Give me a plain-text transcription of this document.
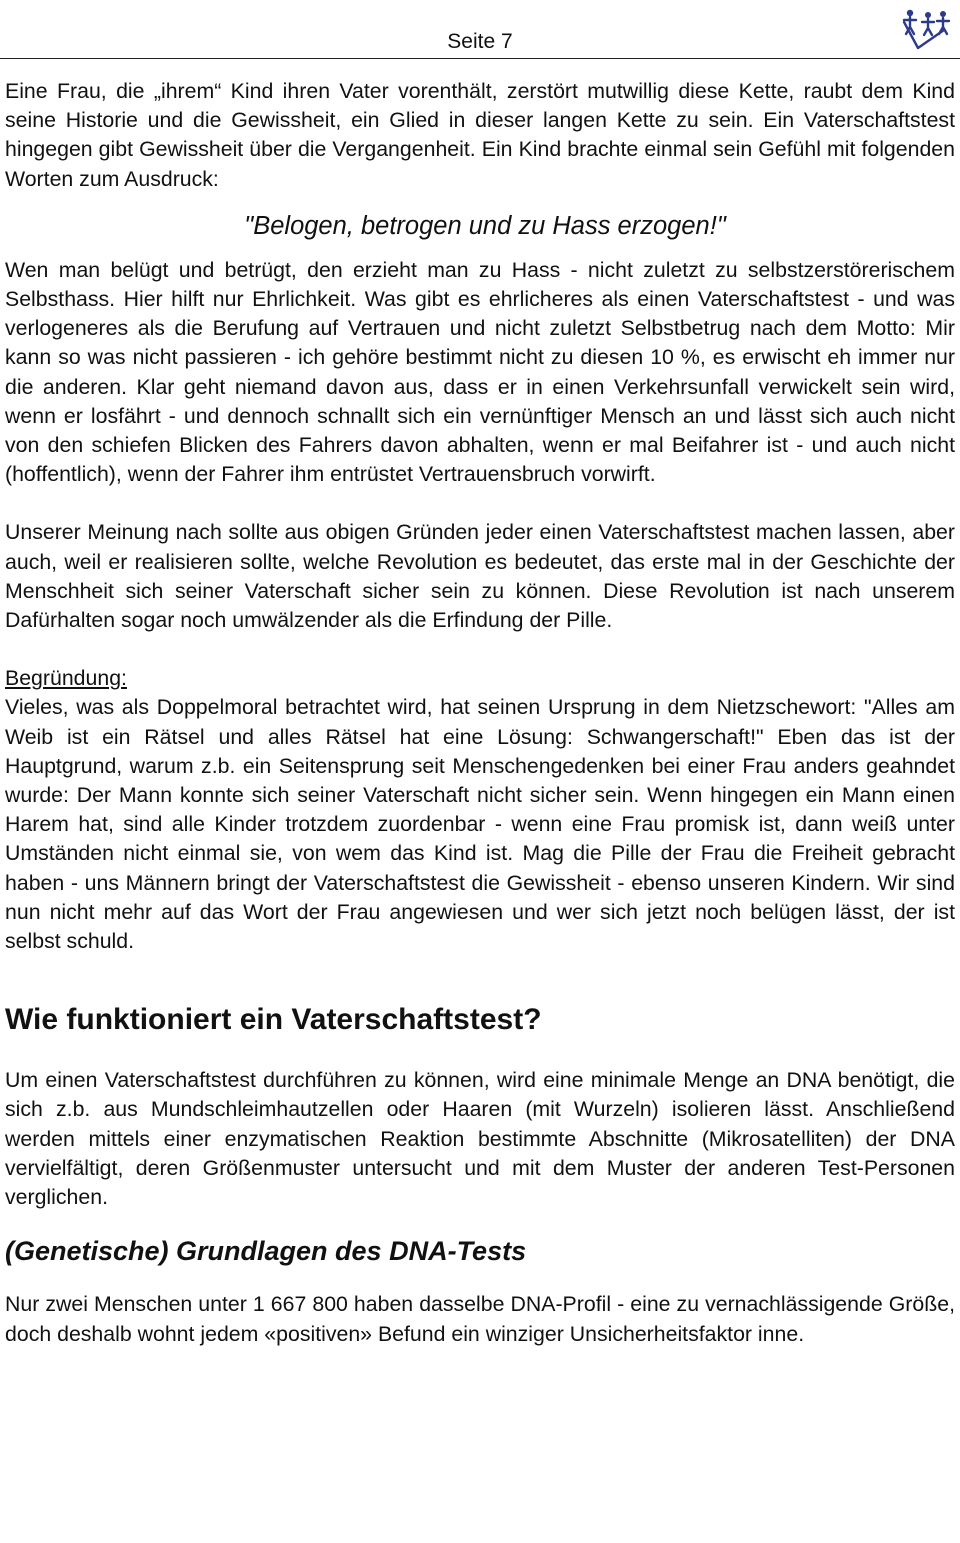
Seite 7

Eine Frau, die „ihrem“ Kind ihren Vater vorenthält, zerstört mutwillig diese Kette, raubt dem Kind seine Historie und die Gewissheit, ein Glied in dieser langen Kette zu sein. Ein Vaterschaftstest hingegen gibt Gewissheit über die Vergangenheit. Ein Kind brachte einmal sein Gefühl mit folgenden Worten zum Ausdruck:

"Belogen, betrogen und zu Hass erzogen!"

Wen man belügt und betrügt, den erzieht man zu Hass - nicht zuletzt zu selbstzerstörerischem Selbsthass. Hier hilft nur Ehrlichkeit. Was gibt es ehrlicheres als einen Vaterschaftstest - und was verlogeneres als die Berufung auf Vertrauen und nicht zuletzt Selbstbetrug nach dem Motto: Mir kann so was nicht passieren - ich gehöre bestimmt nicht zu diesen 10 %, es erwischt eh immer nur die anderen. Klar geht niemand davon aus, dass er in einen Verkehrsunfall verwickelt sein wird, wenn er losfährt - und dennoch schnallt sich ein vernünftiger Mensch an und lässt sich auch nicht von den schiefen Blicken des Fahrers davon abhalten, wenn er mal Beifahrer ist - und auch nicht (hoffentlich), wenn der Fahrer ihm entrüstet Vertrauensbruch vorwirft.

Unserer Meinung nach sollte aus obigen Gründen jeder einen Vaterschaftstest machen lassen, aber auch, weil er realisieren sollte, welche Revolution es bedeutet, das erste mal in der Geschichte der Menschheit sich seiner Vaterschaft sicher sein zu können. Diese Revolution ist nach unserem Dafürhalten sogar noch umwälzender als die Erfindung der Pille.

Begründung:

Vieles, was als Doppelmoral betrachtet wird, hat seinen Ursprung in dem Nietzschewort: "Alles am Weib ist ein Rätsel und alles Rätsel hat eine Lösung: Schwangerschaft!" Eben das ist der Hauptgrund, warum z.b. ein Seitensprung seit Menschengedenken bei einer Frau anders geahndet wurde: Der Mann konnte sich seiner Vaterschaft nicht sicher sein. Wenn hingegen ein Mann einen Harem hat, sind alle Kinder trotzdem zuordenbar - wenn eine Frau promisk ist, dann weiß unter Umständen nicht einmal sie, von wem das Kind ist. Mag die Pille der Frau die Freiheit gebracht haben - uns Männern bringt der Vaterschaftstest die Gewissheit - ebenso unseren Kindern. Wir sind nun nicht mehr auf das Wort der Frau angewiesen und wer sich jetzt noch belügen lässt, der ist selbst schuld.

Wie funktioniert ein Vaterschaftstest?

Um einen Vaterschaftstest durchführen zu können, wird eine minimale Menge an DNA benötigt, die sich z.b. aus Mundschleimhautzellen oder Haaren (mit Wurzeln) isolieren lässt. Anschließend werden mittels einer enzymatischen Reaktion bestimmte Abschnitte (Mikrosatelliten) der DNA vervielfältigt, deren Größenmuster untersucht und mit dem Muster der anderen Test-Personen verglichen.

(Genetische) Grundlagen des DNA-Tests

Nur zwei Menschen unter 1 667 800 haben dasselbe DNA-Profil - eine zu vernachlässigende Größe, doch deshalb wohnt jedem «positiven» Befund ein winziger Unsicherheitsfaktor inne.
